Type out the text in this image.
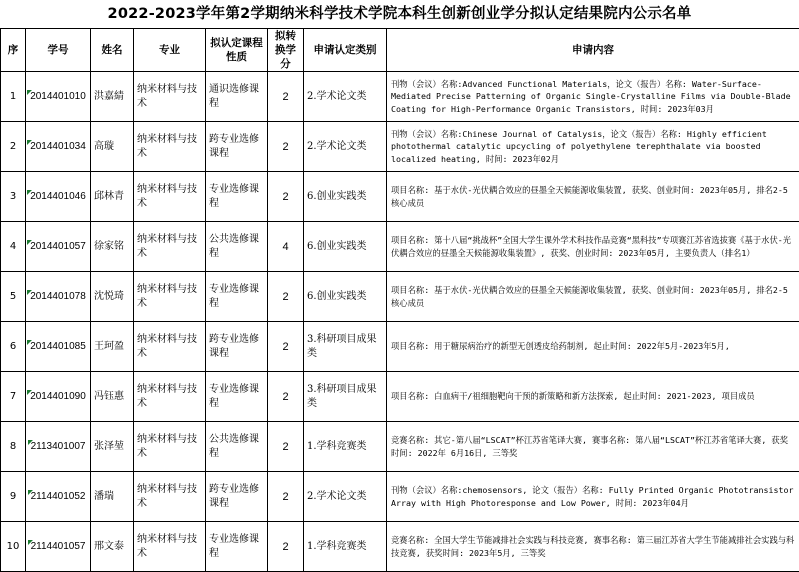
2022-2023学年第2学期纳米科学技术学院本科生创新创业学分拟认定结果院内公示名单
序	学号	姓名	专业	拟认定课程性质	拟转换学分	申请认定类别	申请内容
1	2014401010	洪嘉綪	纳米材料与技术	通识选修课程	2	2.学术论文类	刊物（会议）名称:Advanced Functional Materials，论文（报告）名称: Water-Surface-Mediated Precise Patterning of Organic Single-Crystalline Films via Double-Blade Coating for High-Performance Organic Transistors, 时间: 2023年03月
2	2014401034	高璇	纳米材料与技术	跨专业选修课程	2	2.学术论文类	刊物（会议）名称:Chinese Journal of Catalysis，论文（报告）名称: Highly efficient photothermal catalytic upcycling of polyethylene terephthalate via boosted localized heating, 时间: 2023年02月
3	2014401046	邱林青	纳米材料与技术	专业选修课程	2	6.创业实践类	项目名称: 基于水伏-光伏耦合效应的昼墨全天候能源收集装置, 获奖、创业时间: 2023年05月, 排名2-5核心成员
4	2014401057	徐家铭	纳米材料与技术	公共选修课程	4	6.创业实践类	项目名称: 第十八届“挑战杯”全国大学生课外学术科技作品竞赛“黑科技”专项赛江苏省选拔赛《基于水伏-光伏耦合效应的昼墨全天候能源收集装置》, 获奖、创业时间: 2023年05月, 主要负责人（排名1）
5	2014401078	沈悦琦	纳米材料与技术	专业选修课程	2	6.创业实践类	项目名称: 基于水伏-光伏耦合效应的昼墨全天候能源收集装置, 获奖、创业时间: 2023年05月, 排名2-5核心成员
6	2014401085	王珂盈	纳米材料与技术	跨专业选修课程	2	3.科研项目成果类	项目名称: 用于糖尿病治疗的新型无创透皮给药制剂, 起止时间: 2022年5月-2023年5月,
7	2014401090	冯钰惠	纳米材料与技术	专业选修课程	2	3.科研项目成果类	项目名称: 白血病干/祖细胞靶向干预的新策略和新方法探索, 起止时间: 2021-2023, 项目成员
8	2113401007	张泽堃	纳米材料与技术	公共选修课程	2	1.学科竞赛类	竞赛名称: 其它-第八届“LSCAT”杯江苏省笔译大赛, 赛事名称: 第八届“LSCAT”杯江苏省笔译大赛, 获奖时间: 2022年 6月16日, 三等奖
9	2114401052	潘瑞	纳米材料与技术	跨专业选修课程	2	2.学术论文类	刊物（会议）名称:chemosensors, 论文（报告）名称: Fully Printed Organic Phototransistor Array with High Photoresponse and Low Power, 时间: 2023年04月
10	2114401057	邢文泰	纳米材料与技术	专业选修课程	2	1.学科竞赛类	竞赛名称: 全国大学生节能减排社会实践与科技竞赛, 赛事名称: 第三届江苏省大学生节能减排社会实践与科技竞赛, 获奖时间: 2023年5月, 三等奖
